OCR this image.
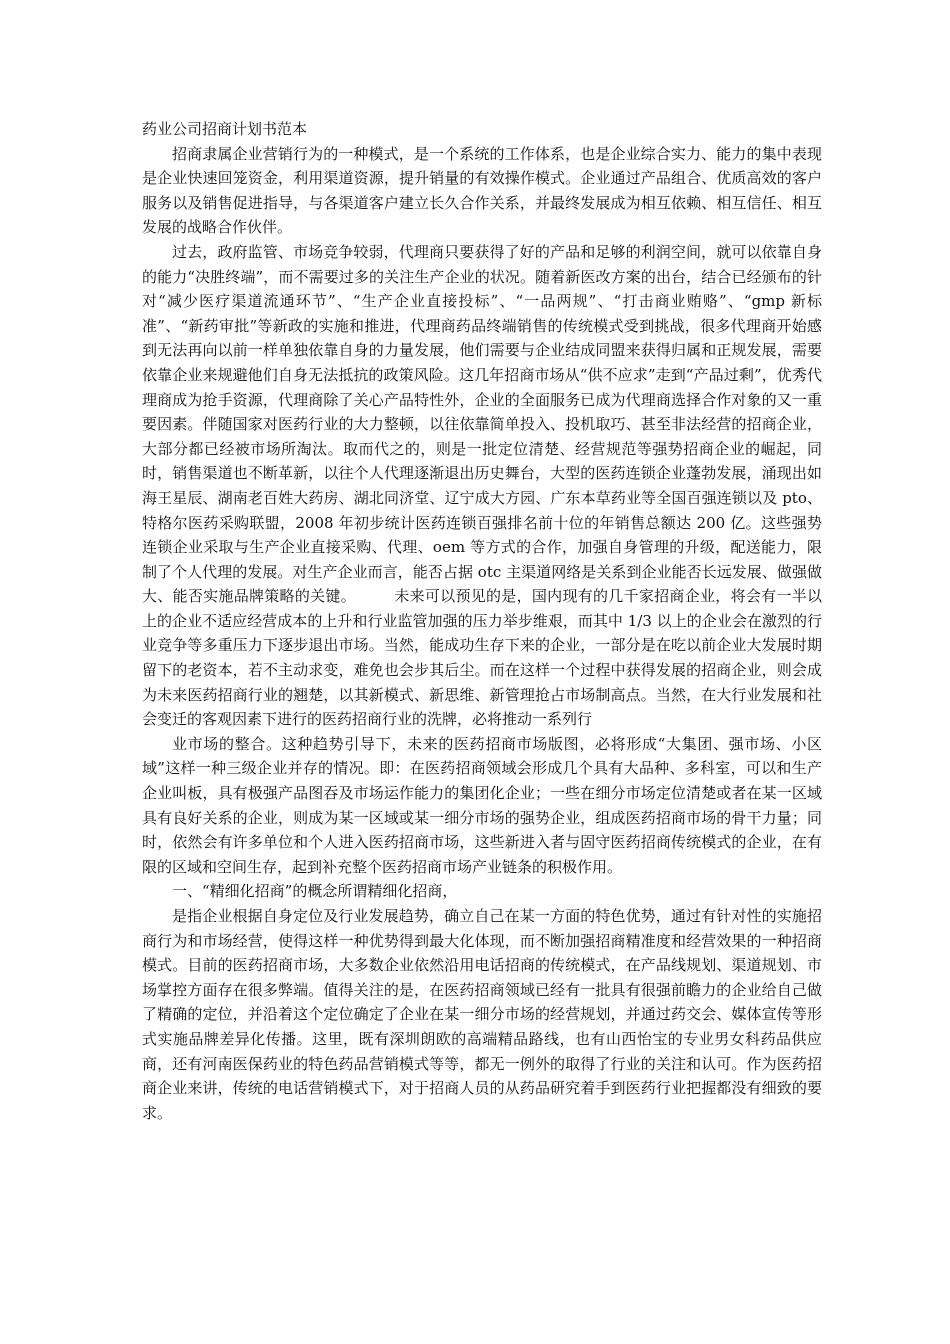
药业公司招商计划书范本

招商隶属企业营销行为的一种模式，是一个系统的工作体系，也是企业综合实力、能力的集中表现是企业快速回笼资金，利用渠道资源，提升销量的有效操作模式。企业通过产品组合、优质高效的客户服务以及销售促进指导，与各渠道客户建立长久合作关系，并最终发展成为相互依赖、相互信任、相互发展的战略合作伙伴。

过去，政府监管、市场竞争较弱，代理商只要获得了好的产品和足够的利润空间，就可以依靠自身的能力“决胜终端”，而不需要过多的关注生产企业的状况。随着新医改方案的出台，结合已经颁布的针对“减少医疗渠道流通环节”、“生产企业直接投标”、“一品两规”、“打击商业贿赂”、“gmp 新标准”、“新药审批”等新政的实施和推进，代理商药品终端销售的传统模式受到挑战，很多代理商开始感到无法再向以前一样单独依靠自身的力量发展，他们需要与企业结成同盟来获得归属和正规发展，需要依靠企业来规避他们自身无法抵抗的政策风险。这几年招商市场从“供不应求”走到“产品过剩”，优秀代理商成为抢手资源，代理商除了关心产品特性外，企业的全面服务已成为代理商选择合作对象的又一重要因素。伴随国家对医药行业的大力整顿，以往依靠简单投入、投机取巧、甚至非法经营的招商企业，大部分都已经被市场所淘汰。取而代之的，则是一批定位清楚、经营规范等强势招商企业的崛起，同时，销售渠道也不断革新，以往个人代理逐渐退出历史舞台，大型的医药连锁企业蓬勃发展，涌现出如海王星辰、湖南老百姓大药房、湖北同济堂、辽宁成大方园、广东本草药业等全国百强连锁以及 pto、特格尔医药采购联盟，2008 年初步统计医药连锁百强排名前十位的年销售总额达 200 亿。这些强势连锁企业采取与生产企业直接采购、代理、oem 等方式的合作，加强自身管理的升级，配送能力，限制了个人代理的发展。对生产企业而言，能否占据 otc 主渠道网络是关系到企业能否长远发展、做强做大、能否实施品牌策略的关键。　　　未来可以预见的是，国内现有的几千家招商企业，将会有一半以上的企业不适应经营成本的上升和行业监管加强的压力举步维艰，而其中 1/3 以上的企业会在激烈的行业竞争等多重压力下逐步退出市场。当然，能成功生存下来的企业，一部分是在吃以前企业大发展时期留下的老资本，若不主动求变，难免也会步其后尘。而在这样一个过程中获得发展的招商企业，则会成为未来医药招商行业的翘楚，以其新模式、新思维、新管理抢占市场制高点。当然，在大行业发展和社会变迁的客观因素下进行的医药招商行业的洗牌，必将推动一系列行

业市场的整合。这种趋势引导下，未来的医药招商市场版图，必将形成“大集团、强市场、小区域”这样一种三级企业并存的情况。即：在医药招商领域会形成几个具有大品种、多科室，可以和生产企业叫板，具有极强产品图吞及市场运作能力的集团化企业；一些在细分市场定位清楚或者在某一区域具有良好关系的企业，则成为某一区域或某一细分市场的强势企业，组成医药招商市场的骨干力量；同时，依然会有许多单位和个人进入医药招商市场，这些新进入者与固守医药招商传统模式的企业，在有限的区域和空间生存，起到补充整个医药招商市场产业链条的积极作用。

一、“精细化招商”的概念所谓精细化招商，

是指企业根据自身定位及行业发展趋势，确立自己在某一方面的特色优势，通过有针对性的实施招商行为和市场经营，使得这样一种优势得到最大化体现，而不断加强招商精准度和经营效果的一种招商模式。目前的医药招商市场，大多数企业依然沿用电话招商的传统模式，在产品线规划、渠道规划、市场掌控方面存在很多弊端。值得关注的是，在医药招商领域已经有一批具有很强前瞻力的企业给自己做了精确的定位，并沿着这个定位确定了企业在某一细分市场的经营规划，并通过药交会、媒体宣传等形式实施品牌差异化传播。这里，既有深圳朗欧的高端精品路线，也有山西怡宝的专业男女科药品供应商，还有河南医保药业的特色药品营销模式等等，都无一例外的取得了行业的关注和认可。作为医药招商企业来讲，传统的电话营销模式下，对于招商人员的从药品研究着手到医药行业把握都没有细致的要求。
